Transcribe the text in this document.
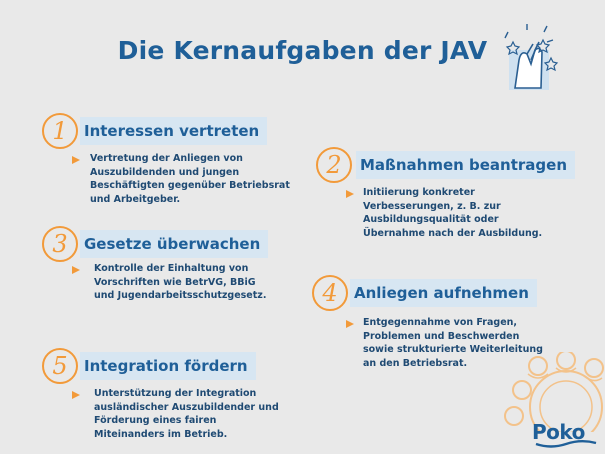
Die Kernaufgaben der JAV
1	Interessen vertreten
Vertretung der Anliegen von Auszubildenden und jungen Beschäftigten gegenüber Betriebsrat und Arbeitgeber.
2	Maßnahmen beantragen
Initiierung konkreter Verbesserungen, z. B. zur Ausbildungsqualität oder Übernahme nach der Ausbildung.
3	Gesetze überwachen
Kontrolle der Einhaltung von Vorschriften wie BetrVG, BBiG und Jugendarbeitsschutzgesetz.	4	Anliegen aufnehmen
Entgegennahme von Fragen, Problemen und Beschwerden sowie strukturierte Weiterleitung an den Betriebsrat.
5	Integration fördern
Unterstützung der Integration ausländischer Auszubildender und Förderung eines fairen Miteinanders im Betrieb.	Poko
